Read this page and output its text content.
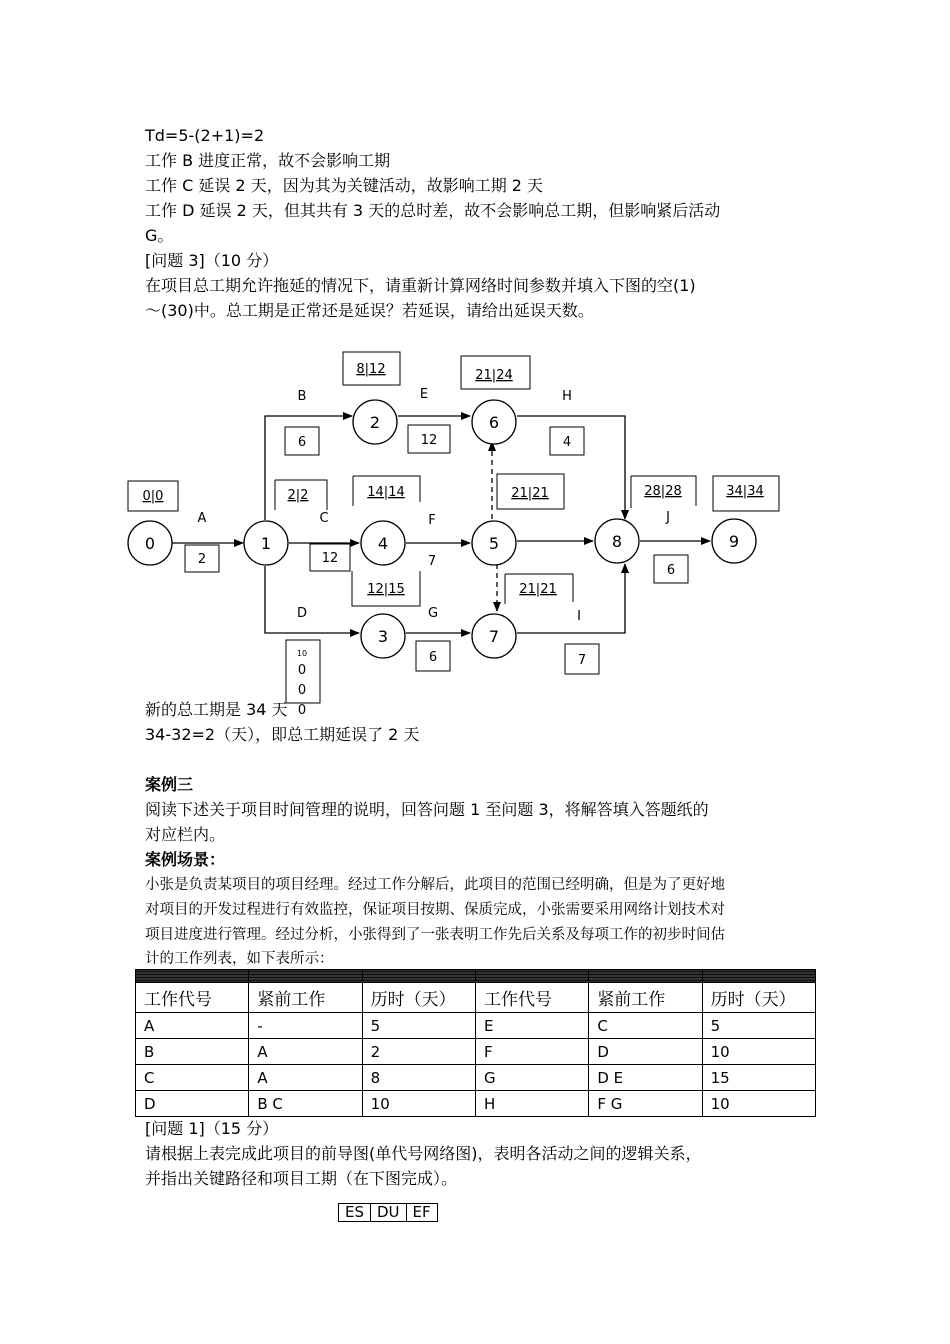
Td=5-(2+1)=2
工作 B 进度正常，故不会影响工期
工作 C 延误 2 天，因为其为关键活动，故影响工期 2 天
工作 D 延误 2 天，但其共有 3 天的总时差，故不会影响总工期，但影响紧后活动
G。
[问题 3]（10 分）
在项目总工期允许拖延的情况下，请重新计算网络时间参数并填入下图的空(1)
～(30)中。总工期是正常还是延误？若延误，请给出延误天数。
0	1
2
3
4	5
6
7
8	9
A
B
C
D
E
F
G
H
I
J
2
6
12
12
7
6
4
7
6
10
0
0
0
0|0	2|2
8|12	21|24
14|14	21|21
12|15	21|21
28|28	34|34
新的总工期是 34 天
34-32=2（天），即总工期延误了 2 天
案例三
阅读下述关于项目时间管理的说明，回答问题 1 至问题 3，将解答填入答题纸的
对应栏内。
案例场景：
小张是负责某项目的项目经理。经过工作分解后，此项目的范围已经明确，但是为了更好地
对项目的开发过程进行有效监控，保证项目按期、保质完成，小张需要采用网络计划技术对
项目进度进行管理。经过分析，小张得到了一张表明工作先后关系及每项工作的初步时间估
计的工作列表，如下表所示：

工作代号	紧前工作	历时（天）	工作代号	紧前工作	历时（天）
A	-	5	E	C	5
B	A	2	F	D	10
C	A	8	G	D E	15
D	B C	10	H	F G	10
[问题 1]（15 分）
请根据上表完成此项目的前导图(单代号网络图)，表明各活动之间的逻辑关系，
并指出关键路径和项目工期（在下图完成）。
ES	DU	EF
